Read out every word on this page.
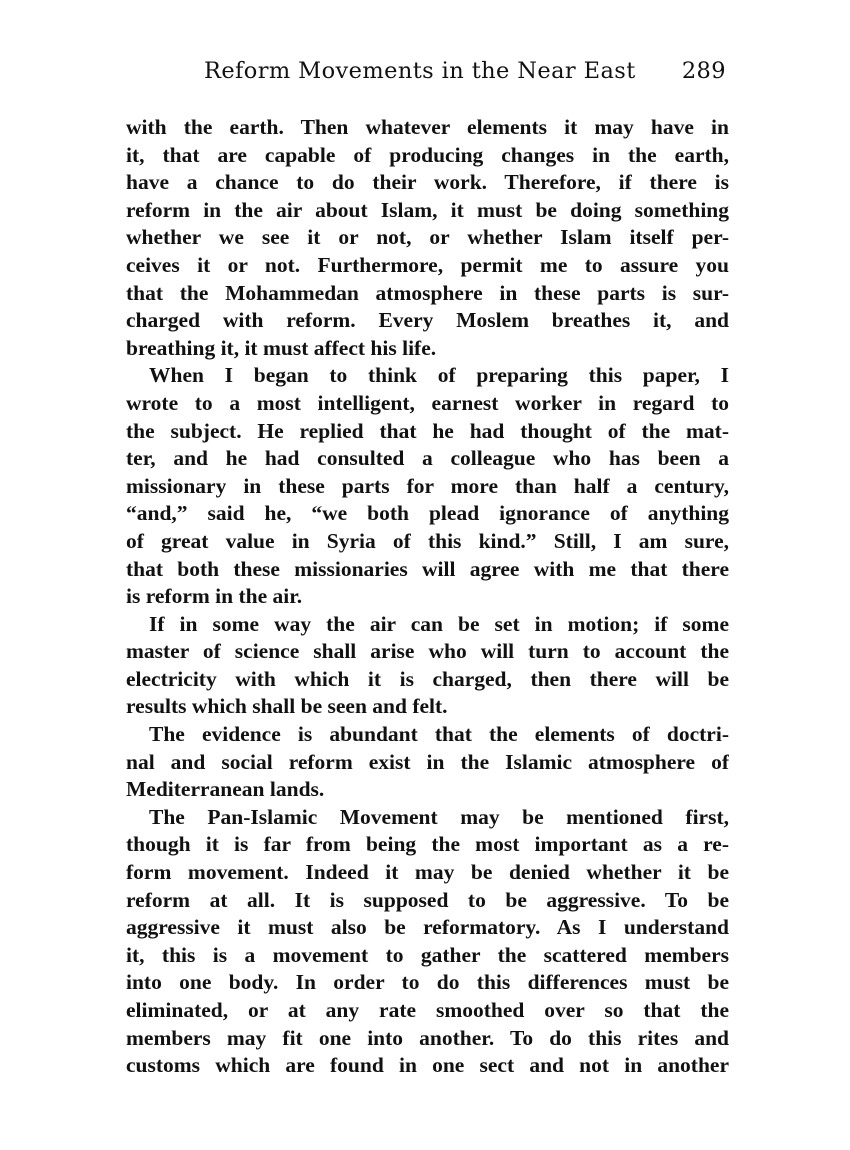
Reform Movements in the Near East 289
with the earth. Then whatever elements it may have in
it, that are capable of producing changes in the earth,
have a chance to do their work. Therefore, if there is
reform in the air about Islam, it must be doing something
whether we see it or not, or whether Islam itself per-
ceives it or not. Furthermore, permit me to assure you
that the Mohammedan atmosphere in these parts is sur-
charged with reform. Every Moslem breathes it, and
breathing it, it must affect his life.
When I began to think of preparing this paper, I
wrote to a most intelligent, earnest worker in regard to
the subject. He replied that he had thought of the mat-
ter, and he had consulted a colleague who has been a
missionary in these parts for more than half a century,
“and,” said he, “we both plead ignorance of anything
of great value in Syria of this kind.” Still, I am sure,
that both these missionaries will agree with me that there
is reform in the air.
If in some way the air can be set in motion; if some
master of science shall arise who will turn to account the
electricity with which it is charged, then there will be
results which shall be seen and felt.
The evidence is abundant that the elements of doctri-
nal and social reform exist in the Islamic atmosphere of
Mediterranean lands.
The Pan-Islamic Movement may be mentioned first,
though it is far from being the most important as a re-
form movement. Indeed it may be denied whether it be
reform at all. It is supposed to be aggressive. To be
aggressive it must also be reformatory. As I understand
it, this is a movement to gather the scattered members
into one body. In order to do this differences must be
eliminated, or at any rate smoothed over so that the
members may fit one into another. To do this rites and
customs which are found in one sect and not in another
